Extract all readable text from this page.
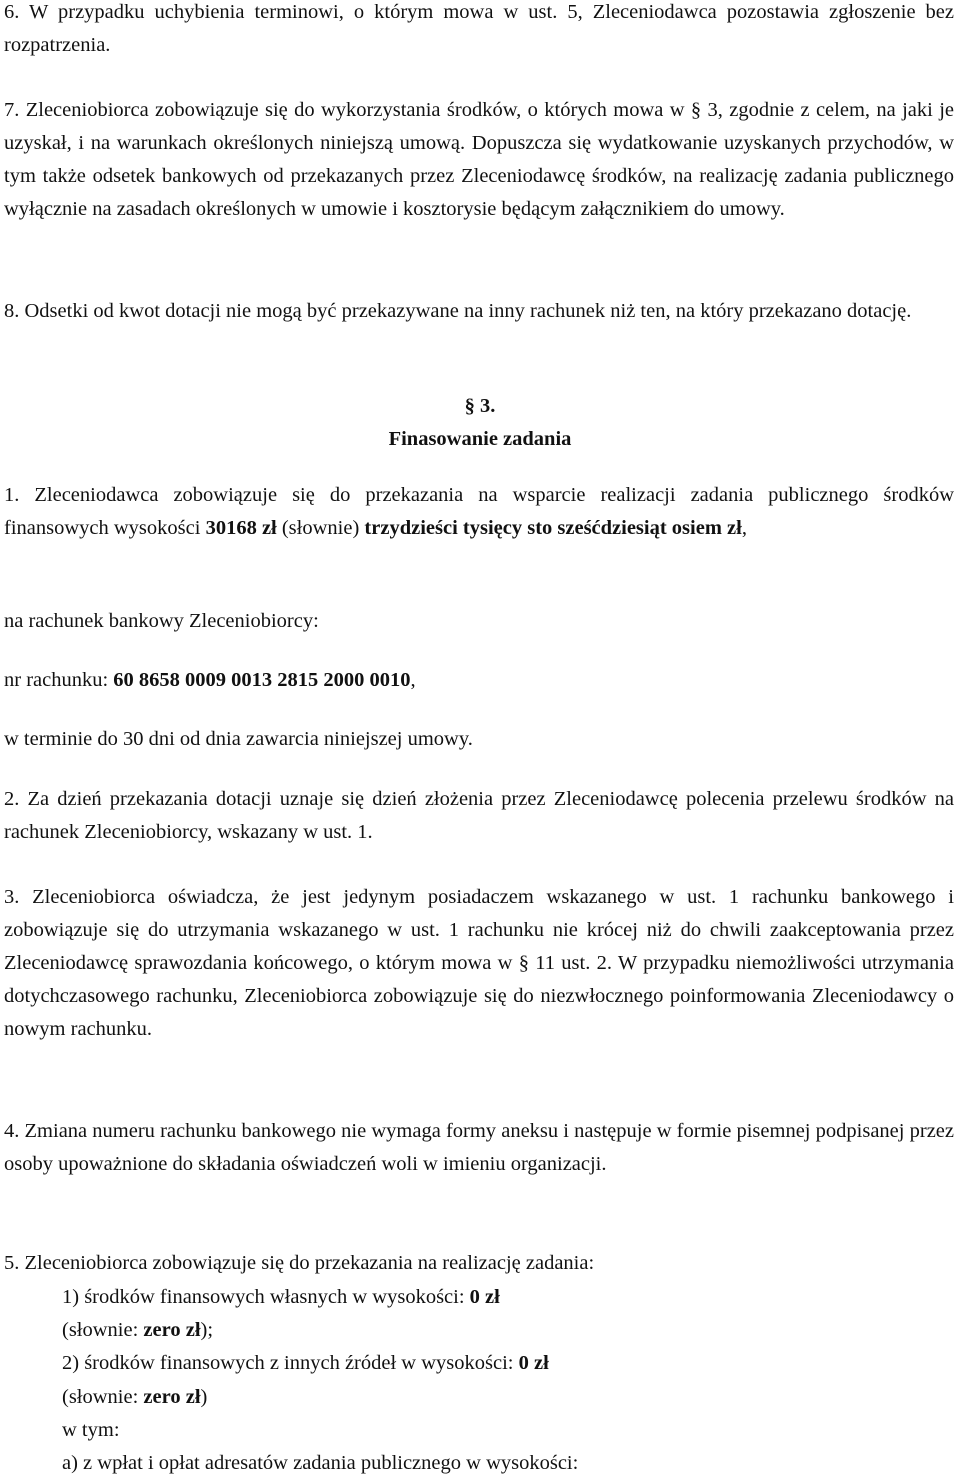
6. W przypadku uchybienia terminowi, o którym mowa w ust. 5, Zleceniodawca pozostawia zgłoszenie bez rozpatrzenia.

7. Zleceniobiorca zobowiązuje się do wykorzystania środków, o których mowa w § 3, zgodnie z celem, na jaki je uzyskał, i na warunkach określonych niniejszą umową. Dopuszcza się wydatkowanie uzyskanych przychodów, w tym także odsetek bankowych od przekazanych przez Zleceniodawcę środków, na realizację zadania publicznego wyłącznie na zasadach określonych w umowie i kosztorysie będącym załącznikiem do umowy.

8. Odsetki od kwot dotacji nie mogą być przekazywane na inny rachunek niż ten, na który przekazano dotację.

§ 3.

Finasowanie zadania

1. Zleceniodawca zobowiązuje się do przekazania na wsparcie realizacji zadania publicznego środków finansowych wysokości 30168 zł (słownie) trzydzieści tysięcy sto sześćdziesiąt osiem zł,

na rachunek bankowy Zleceniobiorcy:

nr rachunku: 60 8658 0009 0013 2815 2000 0010,

w terminie do 30 dni od dnia zawarcia niniejszej umowy.

2. Za dzień przekazania dotacji uznaje się dzień złożenia przez Zleceniodawcę polecenia przelewu środków na rachunek Zleceniobiorcy, wskazany w ust. 1.

3. Zleceniobiorca oświadcza, że jest jedynym posiadaczem wskazanego w ust. 1 rachunku bankowego i zobowiązuje się do utrzymania wskazanego w ust. 1 rachunku nie krócej niż do chwili zaakceptowania przez Zleceniodawcę sprawozdania końcowego, o którym mowa w § 11 ust. 2. W przypadku niemożliwości utrzymania dotychczasowego rachunku, Zleceniobiorca zobowiązuje się do niezwłocznego poinformowania Zleceniodawcy o nowym rachunku.

4. Zmiana numeru rachunku bankowego nie wymaga formy aneksu i następuje w formie pisemnej podpisanej przez osoby upoważnione do składania oświadczeń woli w imieniu organizacji.

5. Zleceniobiorca zobowiązuje się do przekazania na realizację zadania:

1) środków finansowych własnych w wysokości: 0 zł

(słownie: zero zł);

2) środków finansowych z innych źródeł w wysokości: 0 zł

(słownie: zero zł)

w tym:

a) z wpłat i opłat adresatów zadania publicznego w wysokości:
